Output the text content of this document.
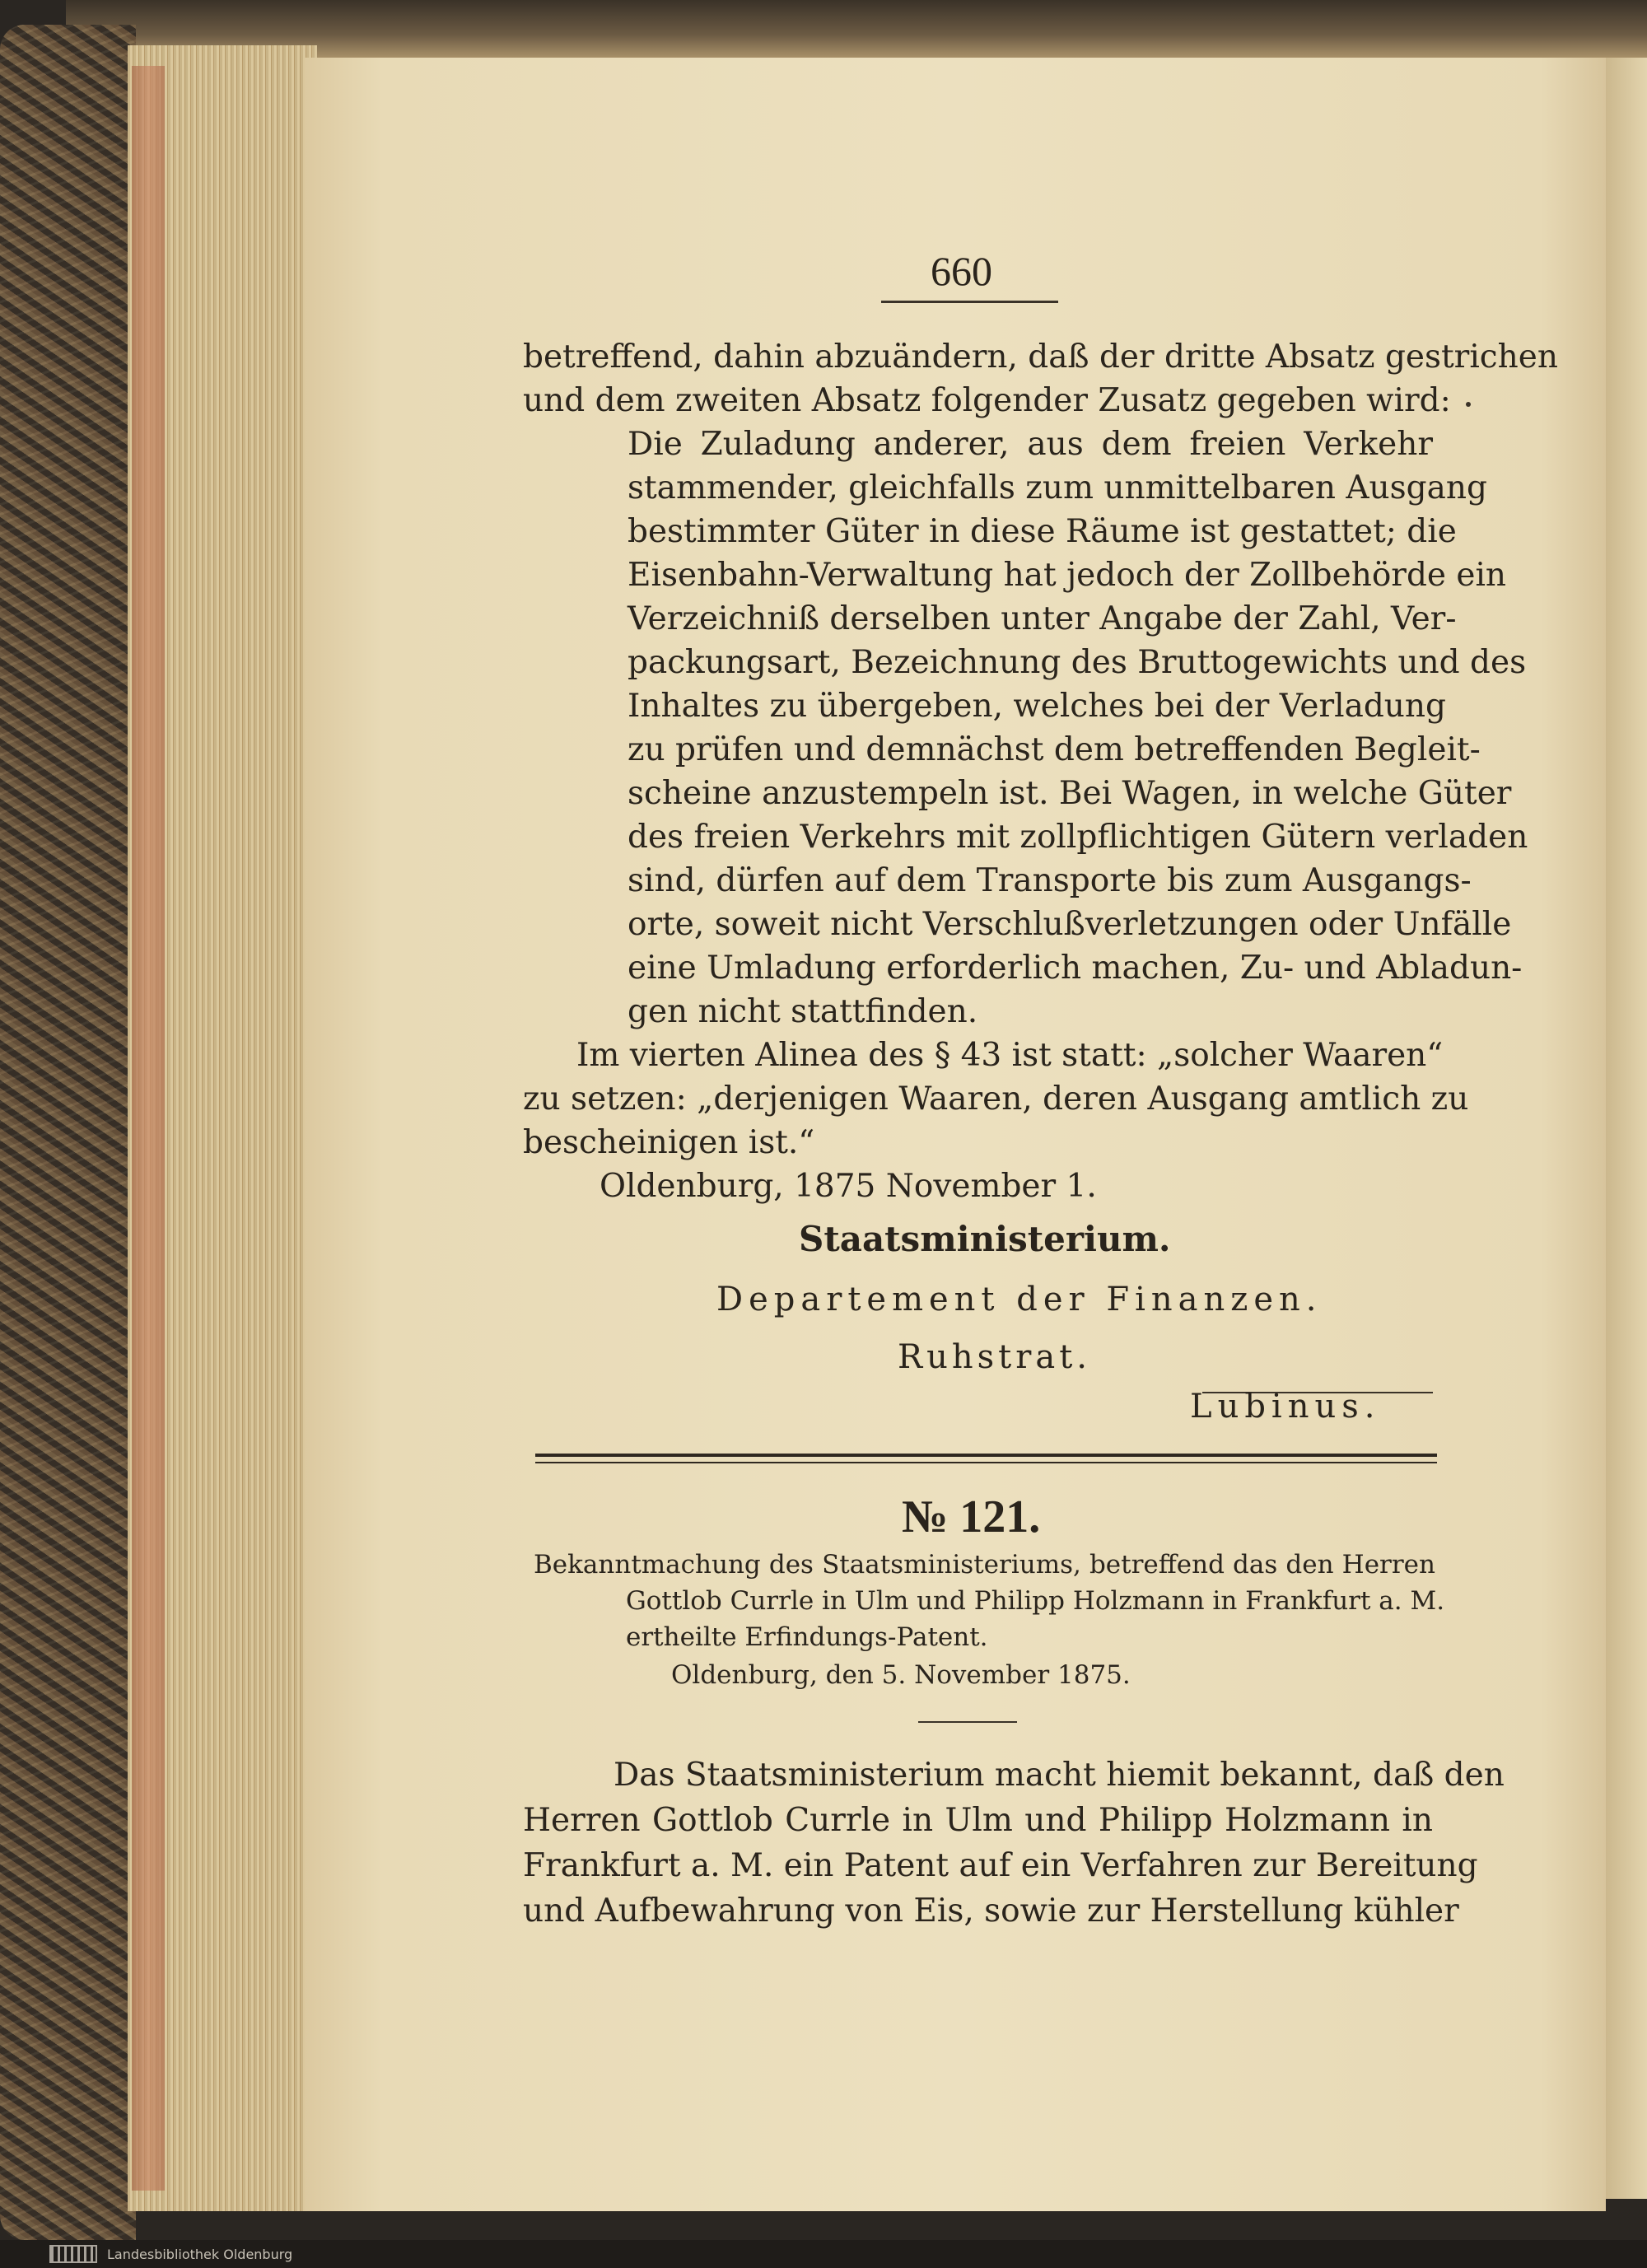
660
betreffend, dahin abzuändern, daß der dritte Absatz gestrichen
und dem zweiten Absatz folgender Zusatz gegeben wird:
Die Zuladung anderer, aus dem freien Verkehr
stammender, gleichfalls zum unmittelbaren Ausgang
bestimmter Güter in diese Räume ist gestattet; die
Eisenbahn-Verwaltung hat jedoch der Zollbehörde ein
Verzeichniß derselben unter Angabe der Zahl, Ver-
packungsart, Bezeichnung des Bruttogewichts und des
Inhaltes zu übergeben, welches bei der Verladung
zu prüfen und demnächst dem betreffenden Begleit-
scheine anzustempeln ist. Bei Wagen, in welche Güter
des freien Verkehrs mit zollpflichtigen Gütern verladen
sind, dürfen auf dem Transporte bis zum Ausgangs-
orte, soweit nicht Verschlußverletzungen oder Unfälle
eine Umladung erforderlich machen, Zu- und Abladun-
gen nicht stattfinden.
Im vierten Alinea des § 43 ist statt: „solcher Waaren“
zu setzen: „derjenigen Waaren, deren Ausgang amtlich zu
bescheinigen ist.“
Oldenburg, 1875 November 1.
Staatsministerium.
Departement der Finanzen.
Ruhstrat.
Lubinus.
№ 121.
Bekanntmachung des Staatsministeriums, betreffend das den Herren
Gottlob Currle in Ulm und Philipp Holzmann in Frankfurt a. M.
ertheilte Erfindungs-Patent.
Oldenburg, den 5. November 1875.
Das Staatsministerium macht hiemit bekannt, daß den
Herren Gottlob Currle in Ulm und Philipp Holzmann in
Frankfurt a. M. ein Patent auf ein Verfahren zur Bereitung
und Aufbewahrung von Eis, sowie zur Herstellung kühler
Landesbibliothek Oldenburg
